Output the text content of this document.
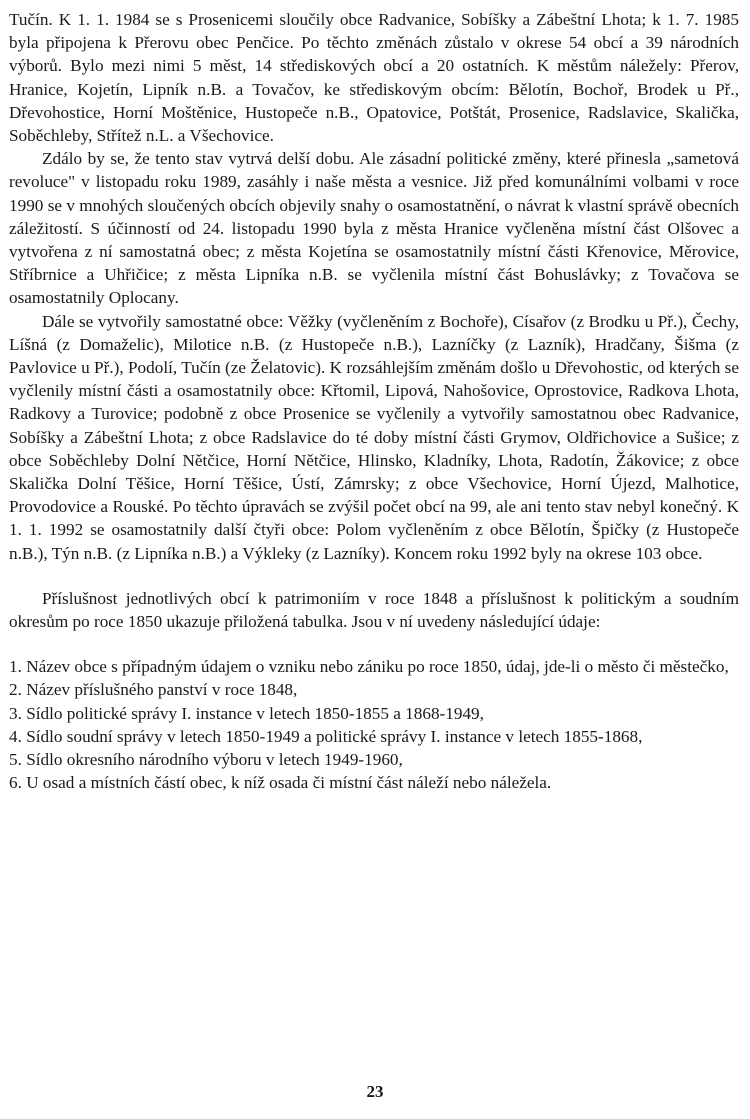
Tučín. K 1. 1. 1984 se s Prosenicemi sloučily obce Radvanice, Sobíšky a Zábeštní Lhota; k 1. 7. 1985 byla připojena k Přerovu obec Penčice. Po těchto změnách zůstalo v okrese 54 obcí a 39 národních výborů. Bylo mezi nimi 5 měst, 14 střediskových obcí a 20 ostatních. K městům náležely: Přerov, Hranice, Kojetín, Lipník n.B. a Tovačov, ke střediskovým obcím: Bělotín, Bochoř, Brodek u Př., Dřevohostice, Horní Moštěnice, Hustopeče n.B., Opatovice, Potštát, Prosenice, Radslavice, Skalička, Soběchleby, Střítež n.L. a Všechovice.

Zdálo by se, že tento stav vytrvá delší dobu. Ale zásadní politické změny, které přinesla „sametová revoluce" v listopadu roku 1989, zasáhly i naše města a vesnice. Již před komunálními volbami v roce 1990 se v mnohých sloučených obcích objevily snahy o osamostatnění, o návrat k vlastní správě obecních záležitostí. S účinností od 24. listopadu 1990 byla z města Hranice vyčleněna místní část Olšovec a vytvořena z ní samostatná obec; z města Kojetína se osamostatnily místní části Křenovice, Měrovice, Stříbrnice a Uhřičice; z města Lipníka n.B. se vyčlenila místní část Bohuslávky; z Tovačova se osamostatnily Oplocany.

Dále se vytvořily samostatné obce: Věžky (vyčleněním z Bochoře), Císařov (z Brodku u Př.), Čechy, Líšná (z Domaželic), Milotice n.B. (z Hustopeče n.B.), Lazníčky (z Lazník), Hradčany, Šišma (z Pavlovice u Př.), Podolí, Tučín (ze Želatovic). K rozsáhlejším změnám došlo u Dřevohostic, od kterých se vyčlenily místní části a osamostatnily obce: Křtomil, Lipová, Nahošovice, Oprostovice, Radkova Lhota, Radkovy a Turovice; podobně z obce Prosenice se vyčlenily a vytvořily samostatnou obec Radvanice, Sobíšky a Zábeštní Lhota; z obce Radslavice do té doby místní části Grymov, Oldřichovice a Sušice; z obce Soběchleby Dolní Nětčice, Horní Nětčice, Hlinsko, Kladníky, Lhota, Radotín, Žákovice; z obce Skalička Dolní Těšice, Horní Těšice, Ústí, Zámrsky; z obce Všechovice, Horní Újezd, Malhotice, Provodovice a Rouské. Po těchto úpravách se zvýšil počet obcí na 99, ale ani tento stav nebyl konečný. K 1. 1. 1992 se osamostatnily další čtyři obce: Polom vyčleněním z obce Bělotín, Špičky (z Hustopeče n.B.), Týn n.B. (z Lipníka n.B.) a Výkleky (z Lazníky). Koncem roku 1992 byly na okrese 103 obce.

Příslušnost jednotlivých obcí k patrimoniím v roce 1848 a příslušnost k politickým a soudním okresům po roce 1850 ukazuje přiložená tabulka. Jsou v ní uvedeny následující údaje:

1. Název obce s případným údajem o vzniku nebo zániku po roce 1850, údaj, jde-li o město či městečko,
2. Název příslušného panství v roce 1848,
3. Sídlo politické správy I. instance v letech 1850-1855 a 1868-1949,
4. Sídlo soudní správy v letech 1850-1949 a politické správy I. instance v letech 1855-1868,
5. Sídlo okresního národního výboru v letech 1949-1960,
6. U osad a místních částí obec, k níž osada či místní část náleží nebo náležela.
23
